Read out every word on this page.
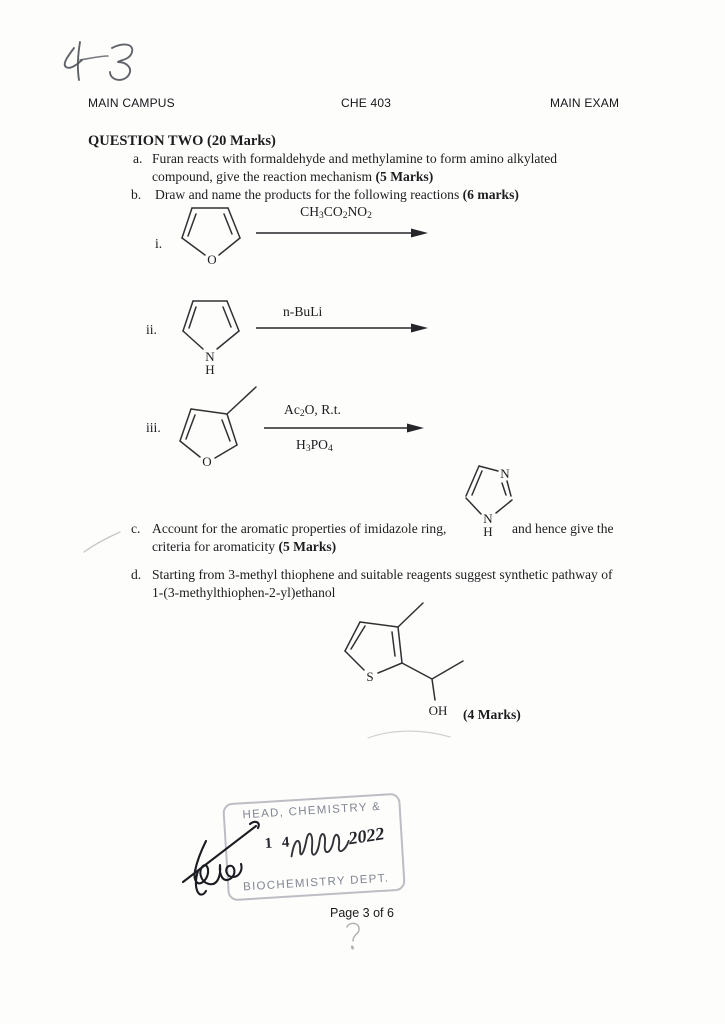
MAIN CAMPUS	CHE 403	MAIN EXAM
QUESTION TWO (20 Marks)
a. Furan reacts with formaldehyde and methylamine to form amino alkylated
compound, give the reaction mechanism (5 Marks)
b. Draw and name the products for the following reactions (6 marks)
i.
O
$CH_3CO_2NO_2$
ii.
N
H
n-BuLi
iii.
O
$Ac_2O$, R.t.
$H_3PO_4$
N
N
H
c. Account for the aromatic properties of imidazole ring,	and hence give the
criteria for aromaticity (5 Marks)
d. Starting from 3-methyl thiophene and suitable reagents suggest synthetic pathway of
1-(3-methylthiophen-2-yl)ethanol
S
OH (4 Marks)
HEAD, CHEMISTRY &
1 4	2022
BIOCHEMISTRY DEPT.
Page 3 of 6
